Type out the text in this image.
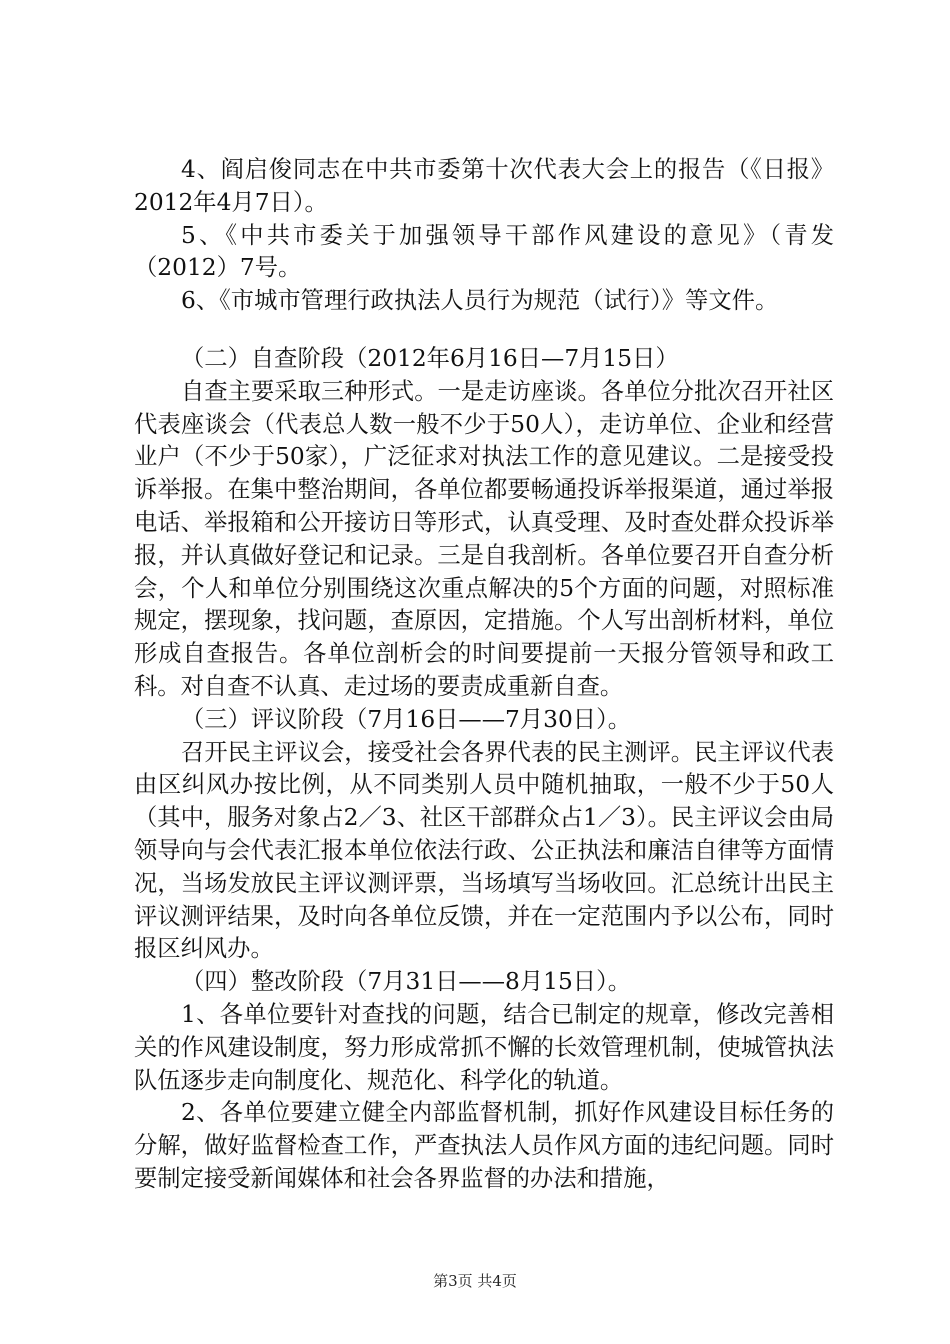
4、阎启俊同志在中共市委第十次代表大会上的报告（《日报》2012年4月7日）。

5、《中共市委关于加强领导干部作风建设的意见》（青发（2012）7号。

6、《市城市管理行政执法人员行为规范（试行）》等文件。

（二）自查阶段（2012年6月16日—7月15日）

自查主要采取三种形式。一是走访座谈。各单位分批次召开社区代表座谈会（代表总人数一般不少于50人），走访单位、企业和经营业户（不少于50家），广泛征求对执法工作的意见建议。二是接受投诉举报。在集中整治期间，各单位都要畅通投诉举报渠道，通过举报电话、举报箱和公开接访日等形式，认真受理、及时查处群众投诉举报，并认真做好登记和记录。三是自我剖析。各单位要召开自查分析会，个人和单位分别围绕这次重点解决的5个方面的问题，对照标准规定，摆现象，找问题，查原因，定措施。个人写出剖析材料，单位形成自查报告。各单位剖析会的时间要提前一天报分管领导和政工科。对自查不认真、走过场的要责成重新自查。

（三）评议阶段（7月16日——7月30日）。

召开民主评议会，接受社会各界代表的民主测评。民主评议代表由区纠风办按比例，从不同类别人员中随机抽取，一般不少于50人（其中，服务对象占2／3、社区干部群众占1／3）。民主评议会由局领导向与会代表汇报本单位依法行政、公正执法和廉洁自律等方面情况，当场发放民主评议测评票，当场填写当场收回。汇总统计出民主评议测评结果，及时向各单位反馈，并在一定范围内予以公布，同时报区纠风办。

（四）整改阶段（7月31日——8月15日）。

1、各单位要针对查找的问题，结合已制定的规章，修改完善相关的作风建设制度，努力形成常抓不懈的长效管理机制，使城管执法队伍逐步走向制度化、规范化、科学化的轨道。

2、各单位要建立健全内部监督机制，抓好作风建设目标任务的分解，做好监督检查工作，严查执法人员作风方面的违纪问题。同时要制定接受新闻媒体和社会各界监督的办法和措施，

第3页 共4页
